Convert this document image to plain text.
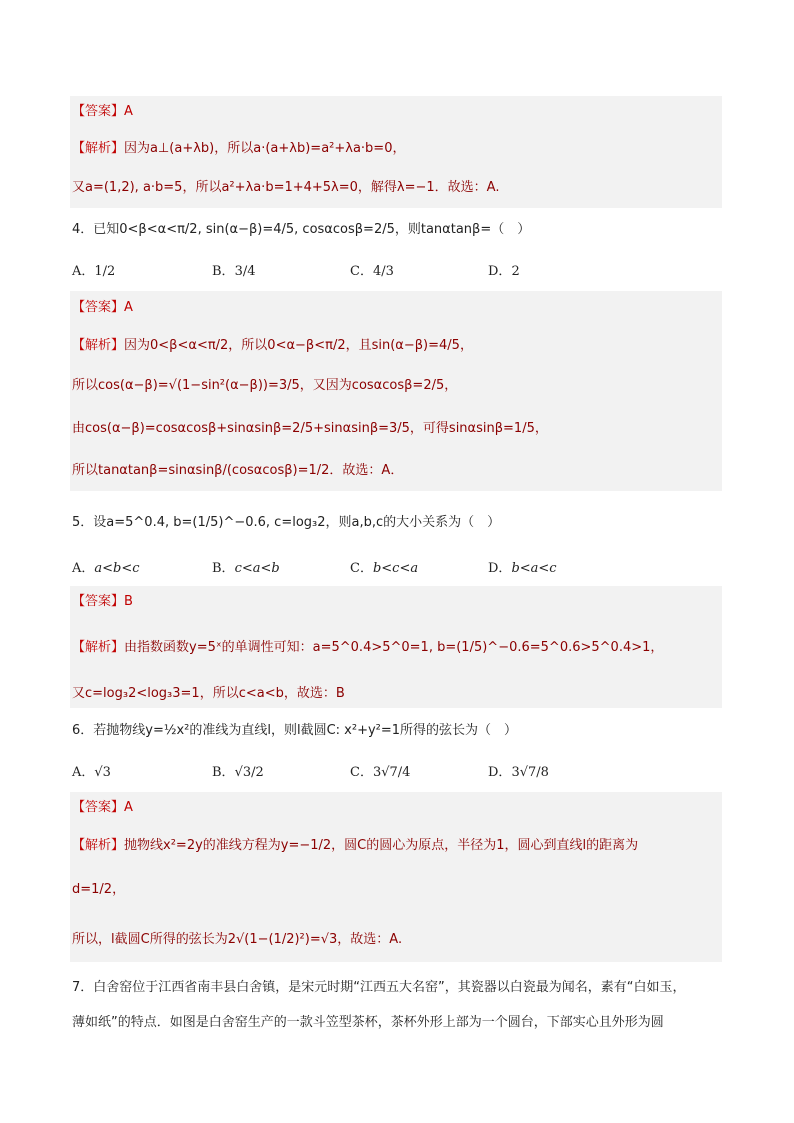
【答案】A
【解析】因为a⊥(a+λb)，所以a·(a+λb)=a²+λa·b=0，
又a=(1,2), a·b=5，所以a²+λa·b=1+4+5λ=0，解得λ=−1．故选：A.
4．已知0<β<α<π/2, sin(α−β)=4/5, cosαcosβ=2/5，则tanαtanβ=（　）
A．1/2	B．3/4	C．4/3	D．2
【答案】A
【解析】因为0<β<α<π/2，所以0<α−β<π/2，且sin(α−β)=4/5，
所以cos(α−β)=√(1−sin²(α−β))=3/5，又因为cosαcosβ=2/5，
由cos(α−β)=cosαcosβ+sinαsinβ=2/5+sinαsinβ=3/5，可得sinαsinβ=1/5，
所以tanαtanβ=sinαsinβ/(cosαcosβ)=1/2．故选：A．
5．设a=5^0.4, b=(1/5)^−0.6, c=log₃2，则a,b,c的大小关系为（　）
A．a<b<c	B．c<a<b	C．b<c<a	D．b<a<c
【答案】B
【解析】由指数函数y=5ˣ的单调性可知：a=5^0.4>5^0=1, b=(1/5)^−0.6=5^0.6>5^0.4>1，
又c=log₃2<log₃3=1，所以c<a<b，故选：B
6．若抛物线y=½x²的准线为直线l，则l截圆C: x²+y²=1所得的弦长为（　）
A．√3	B．√3/2	C．3√7/4	D．3√7/8
【答案】A
【解析】抛物线x²=2y的准线方程为y=−1/2，圆C的圆心为原点，半径为1，圆心到直线l的距离为
d=1/2，
所以，l截圆C所得的弦长为2√(1−(1/2)²)=√3，故选：A.
7．白舍窑位于江西省南丰县白舍镇，是宋元时期“江西五大名窑”，其瓷器以白瓷最为闻名，素有“白如玉，
薄如纸”的特点．如图是白舍窑生产的一款斗笠型茶杯，茶杯外形上部为一个圆台，下部实心且外形为圆
